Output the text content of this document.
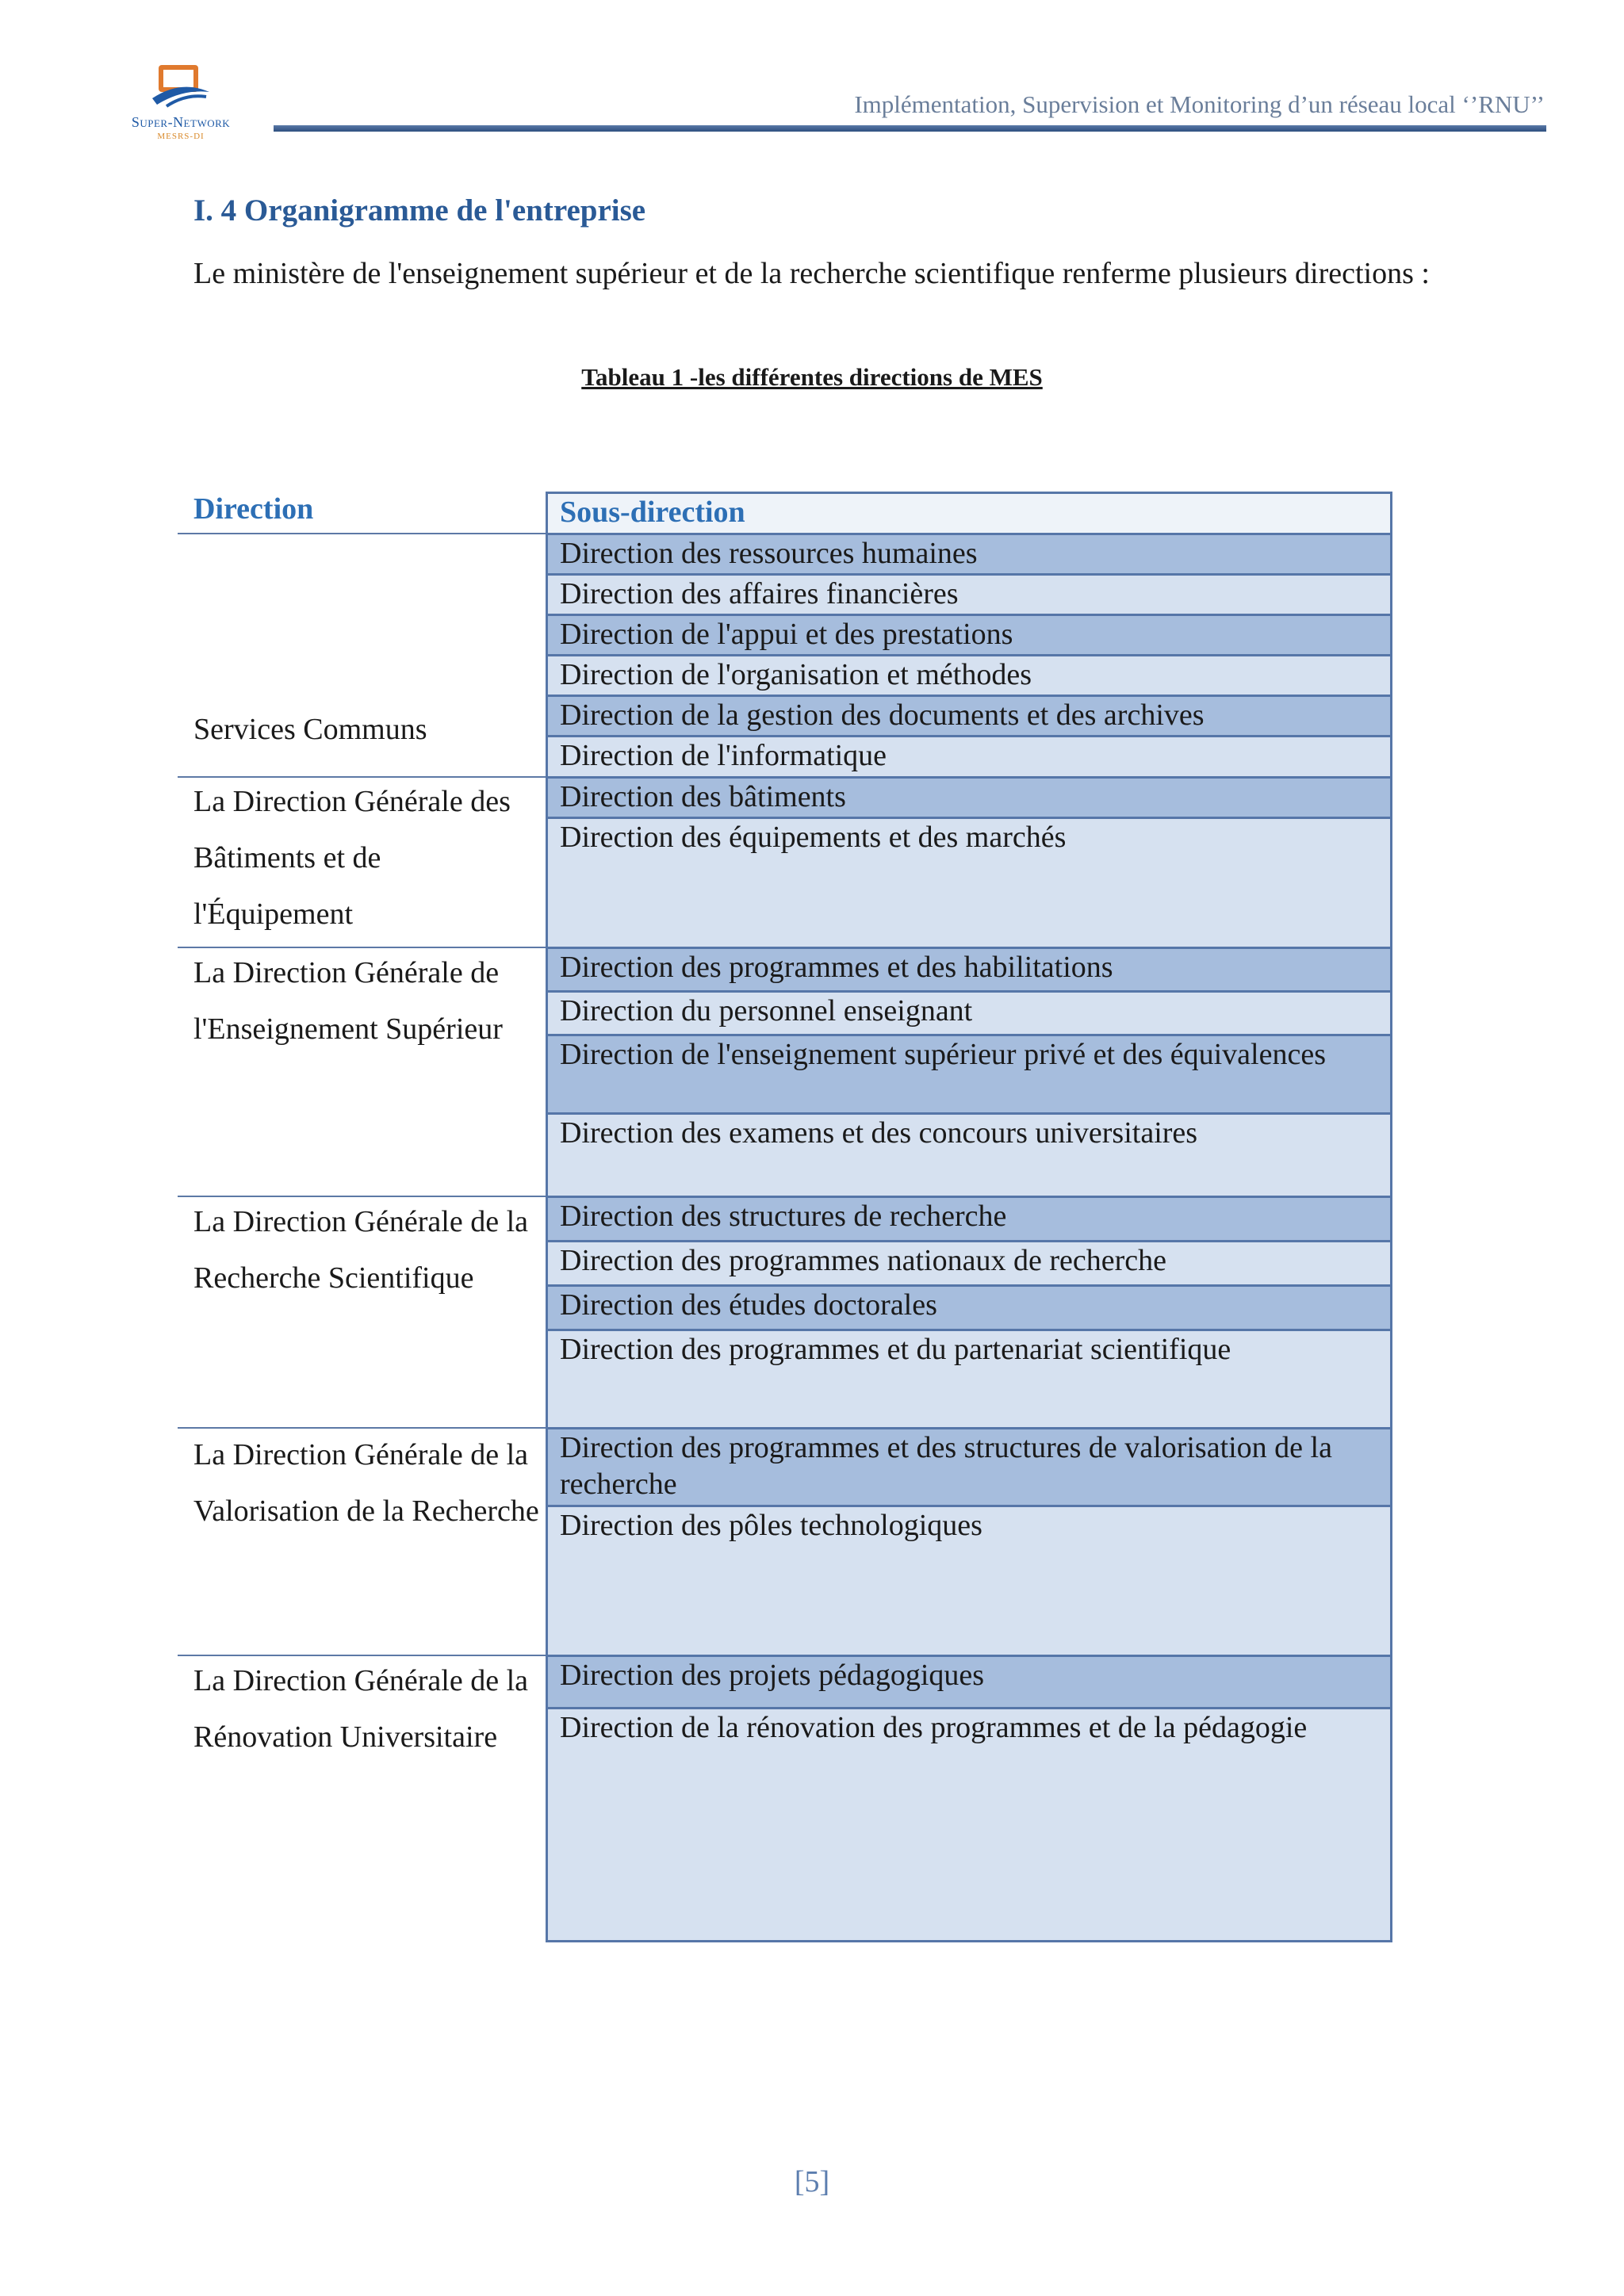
Super-Network
MESRS-DI
Implémentation, Supervision et Monitoring d’un réseau local ‘’RNU’’
I. 4 Organigramme de l'entreprise
Le ministère de l'enseignement supérieur et de la recherche scientifique renferme plusieurs directions :
Tableau 1 -les différentes directions de MES
Direction	Sous-direction
Services Communs
Direction des ressources humaines
Direction des affaires financières
Direction de l'appui et des prestations
Direction de l'organisation et méthodes
Direction de la gestion des documents et des archives
Direction de l'informatique
La Direction Générale des Bâtiments et de l'Équipement
Direction des bâtiments
Direction des équipements et des marchés
La Direction Générale de l'Enseignement Supérieur
Direction des programmes et des habilitations
Direction du personnel enseignant
Direction de l'enseignement supérieur privé et des équivalences
Direction des examens et des concours universitaires
La Direction Générale de la Recherche Scientifique
Direction des structures de recherche
Direction des programmes nationaux de recherche
Direction des études doctorales
Direction des programmes et du partenariat scientifique
La Direction Générale de la Valorisation de la Recherche
Direction des programmes et des structures de valorisation de la recherche
Direction des pôles technologiques
La Direction Générale de la Rénovation Universitaire
Direction des projets pédagogiques
Direction de la rénovation des programmes et de la pédagogie
[5]
